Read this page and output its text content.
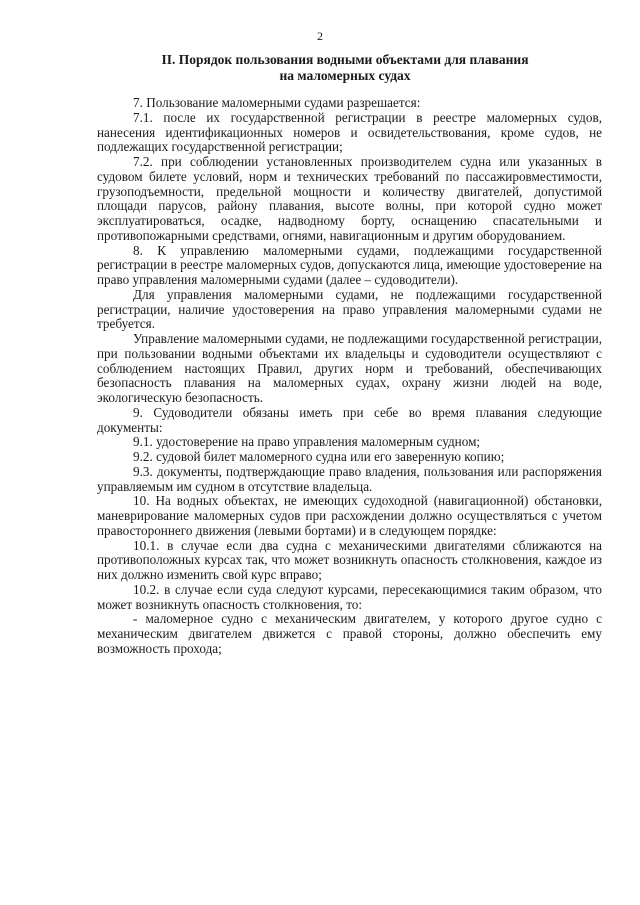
2
II. Порядок пользования водными объектами для плавания
на маломерных судах

7. Пользование маломерными судами разрешается:

7.1. после их государственной регистрации в реестре маломерных судов, нанесения идентификационных номеров и освидетельствования, кроме судов, не подлежащих государственной регистрации;

7.2. при соблюдении установленных производителем судна или указанных в судовом билете условий, норм и технических требований по пассажировместимости, грузоподъемности, предельной мощности и количеству двигателей, допустимой площади парусов, району плавания, высоте волны, при которой судно может эксплуатироваться, осадке, надводному борту, оснащению спасательными и противопожарными средствами, огнями, навигационным и другим оборудованием.

8. К управлению маломерными судами, подлежащими государственной регистрации в реестре маломерных судов, допускаются лица, имеющие удостоверение на право управления маломерными судами (далее – судоводители).

Для управления маломерными судами, не подлежащими государственной регистрации, наличие удостоверения на право управления маломерными судами не требуется.

Управление маломерными судами, не подлежащими государственной регистрации, при пользовании водными объектами их владельцы и судоводители осуществляют с соблюдением настоящих Правил, других норм и требований, обеспечивающих безопасность плавания на маломерных судах, охрану жизни людей на воде, экологическую безопасность.

9. Судоводители обязаны иметь при себе во время плавания следующие документы:

9.1. удостоверение на право управления маломерным судном;

9.2. судовой билет маломерного судна или его заверенную копию;

9.3. документы, подтверждающие право владения, пользования или распоряжения управляемым им судном в отсутствие владельца.

10. На водных объектах, не имеющих судоходной (навигационной) обстановки, маневрирование маломерных судов при расхождении должно осуществляться с учетом правостороннего движения (левыми бортами) и в следующем порядке:

10.1. в случае если два судна с механическими двигателями сближаются на противоположных курсах так, что может возникнуть опасность столкновения, каждое из них должно изменить свой курс вправо;

10.2. в случае если суда следуют курсами, пересекающимися таким образом, что может возникнуть опасность столкновения, то:

- маломерное судно с механическим двигателем, у которого другое судно с механическим двигателем движется с правой стороны, должно обеспечить ему возможность прохода;
